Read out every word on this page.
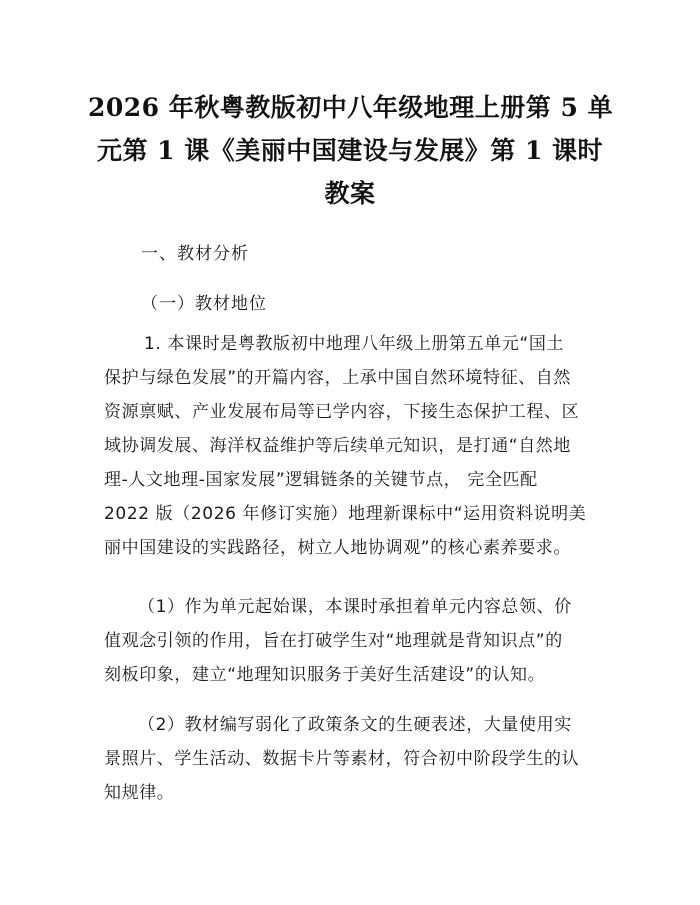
2026 年秋粤教版初中八年级地理上册第 5 单
元第 1 课《美丽中国建设与发展》第 1 课时
教案

一、教材分析

（一）教材地位

1. 本课时是粤教版初中地理八年级上册第五单元“国土
保护与绿色发展”的开篇内容，上承中国自然环境特征、自然
资源禀赋、产业发展布局等已学内容，下接生态保护工程、区
域协调发展、海洋权益维护等后续单元知识，是打通“自然地
理-人文地理-国家发展”逻辑链条的关键节点， 完全匹配
2022 版（2026 年修订实施）地理新课标中“运用资料说明美
丽中国建设的实践路径，树立人地协调观”的核心素养要求。
（1）作为单元起始课，本课时承担着单元内容总领、价
值观念引领的作用，旨在打破学生对“地理就是背知识点”的
刻板印象，建立“地理知识服务于美好生活建设”的认知。
（2）教材编写弱化了政策条文的生硬表述，大量使用实
景照片、学生活动、数据卡片等素材，符合初中阶段学生的认
知规律。
